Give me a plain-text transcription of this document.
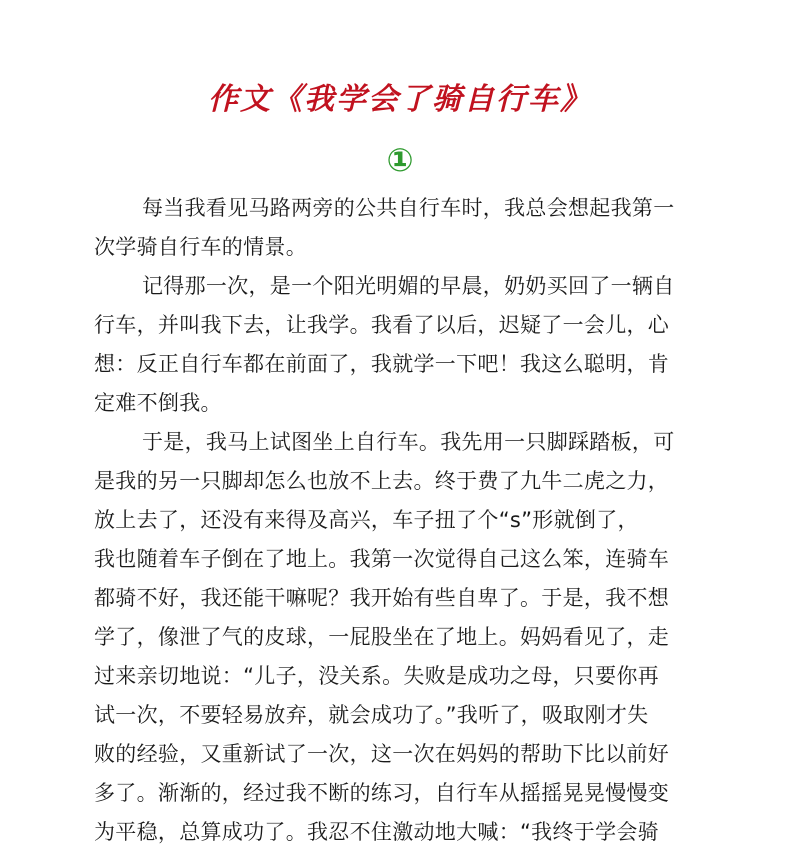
作文《我学会了骑自行车》
①
每当我看见马路两旁的公共自行车时，我总会想起我第一
次学骑自行车的情景。
记得那一次，是一个阳光明媚的早晨，奶奶买回了一辆自
行车，并叫我下去，让我学。我看了以后，迟疑了一会儿，心
想：反正自行车都在前面了，我就学一下吧！我这么聪明，肯
定难不倒我。
于是，我马上试图坐上自行车。我先用一只脚踩踏板，可
是我的另一只脚却怎么也放不上去。终于费了九牛二虎之力，
放上去了，还没有来得及高兴，车子扭了个“s”形就倒了，
我也随着车子倒在了地上。我第一次觉得自己这么笨，连骑车
都骑不好，我还能干嘛呢？我开始有些自卑了。于是，我不想
学了，像泄了气的皮球，一屁股坐在了地上。妈妈看见了，走
过来亲切地说：“儿子，没关系。失败是成功之母，只要你再
试一次，不要轻易放弃，就会成功了。”我听了，吸取刚才失
败的经验，又重新试了一次，这一次在妈妈的帮助下比以前好
多了。渐渐的，经过我不断的练习，自行车从摇摇晃晃慢慢变
为平稳，总算成功了。我忍不住激动地大喊：“我终于学会骑
